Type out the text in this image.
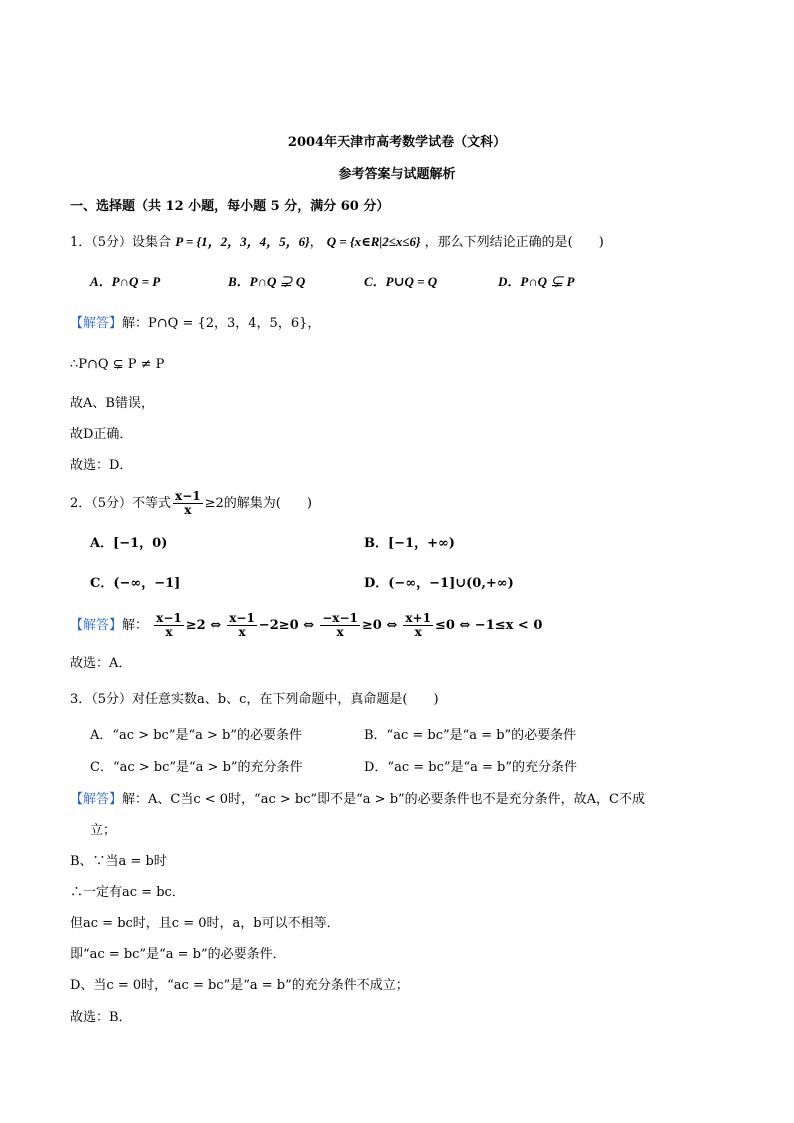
2004年天津市高考数学试卷（文科）
参考答案与试题解析
一、选择题（共 12 小题，每小题 5 分，满分 60 分）
1．（5分）设集合 P = {1，2，3，4，5，6}， Q = {x∈R|2≤x≤6} ，那么下列结论正确的是(　　)
A．P∩Q = P	B．P∩Q ⊋ Q	C．P∪Q = Q	D．P∩Q ⊊ P
【解答】解：P∩Q = {2，3，4，5，6}，
∴P∩Q ⊊ P ≠ P
故A、B错误，
故D正确．
故选：D．
2．（5分）不等式 $\frac{x-1}{x} \ge 2$的解集为(　　)
A．[−1，0)	B．[−1，+∞)
C．(−∞，−1]	D．(−∞，−1]∪(0,+∞)
【解答】解： $\frac{x-1}{x} \ge 2$ ⇔ $\frac{x-1}{x} -2\ge 0$ ⇔ $\frac{-x-1}{x} \ge 0$ ⇔ $\frac{x+1}{x} \le 0$ ⇔ −1≤x < 0
故选：A．
3．（5分）对任意实数a、b、c，在下列命题中，真命题是(　　)
A．“ac > bc”是“a > b”的必要条件	B．“ac = bc”是“a = b”的必要条件
C．“ac > bc”是“a > b”的充分条件	D．“ac = bc”是“a = b”的充分条件
【解答】解：A、C当c < 0时，“ac > bc”即不是“a > b”的必要条件也不是充分条件，故A，C不成
立；
B、∵当a = b时
∴一定有ac = bc．
但ac = bc时，且c = 0时，a，b可以不相等．
即“ac = bc”是“a = b”的必要条件．
D、当c = 0时，“ac = bc”是“a = b”的充分条件不成立；
故选：B．
